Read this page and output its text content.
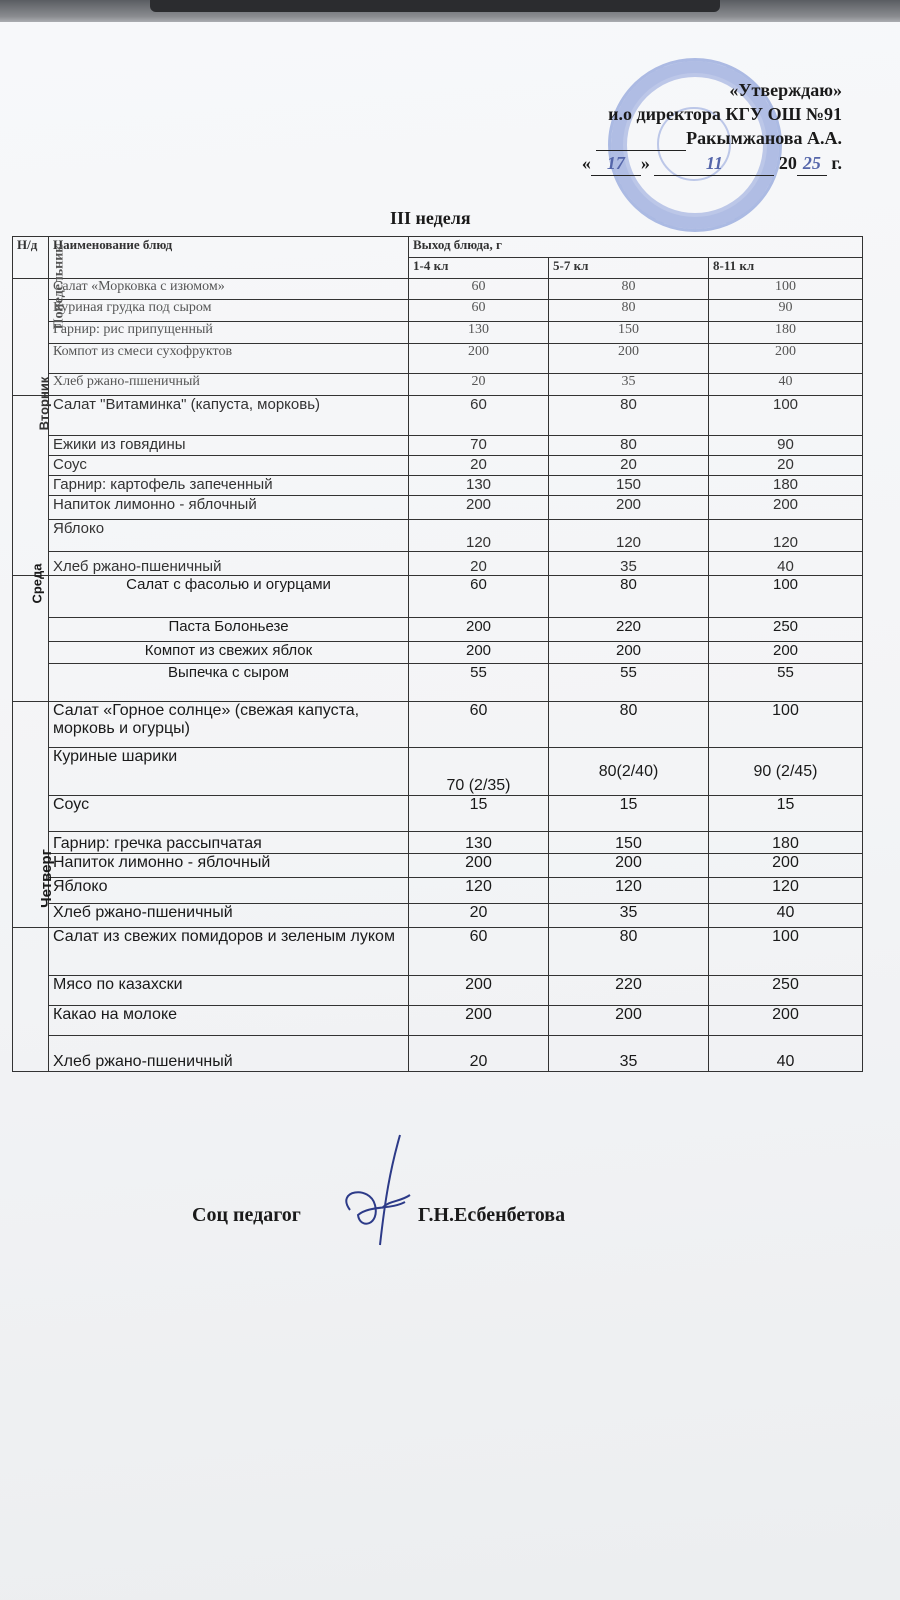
«Утверждаю»
и.о директора КГУ ОШ №91
Ракымжанова А.А.
« 17 »	11	20 25 г.
III неделя
Н/д	Наименование блюд	Выход блюда, г		
		1-4 кл	5-7 кл	8-11 кл
Понедельник	Салат «Морковка с изюмом»	60	80	100
	Куриная грудка под сыром	60	80	90
	Гарнир: рис припущенный	130	150	180
	Компот из смеси сухофруктов	200	200	200
	Хлеб ржано-пшеничный	20	35	40
Вторник	Салат "Витаминка" (капуста, морковь)	60	80	100
	Ежики из говядины	70	80	90
	Соус	20	20	20
	Гарнир: картофель запеченный	130	150	180
	Напиток лимонно - яблочный	200	200	200
	Яблоко	120	120	120
	Хлеб ржано-пшеничный	20	35	40
Среда	Салат с фасолью и огурцами	60	80	100
	Паста Болоньезе	200	220	250
	Компот из свежих яблок	200	200	200
	Выпечка с сыром	55	55	55
Четверг	Салат «Горное солнце» (свежая капуста, морковь и огурцы)	60	80	100
	Куриные шарики	70 (2/35)	80(2/40)	90 (2/45)
	Соус	15	15	15
	Гарнир: гречка рассыпчатая	130	150	180
	Напиток лимонно - яблочный	200	200	200
	Яблоко	120	120	120
	Хлеб ржано-пшеничный	20	35	40
	Салат из свежих помидоров и зеленым луком	60	80	100
	Мясо по казахски	200	220	250
	Какао на молоке	200	200	200
	Хлеб ржано-пшеничный	20	35	40
Соц педагог	Г.Н.Есбенбетова
